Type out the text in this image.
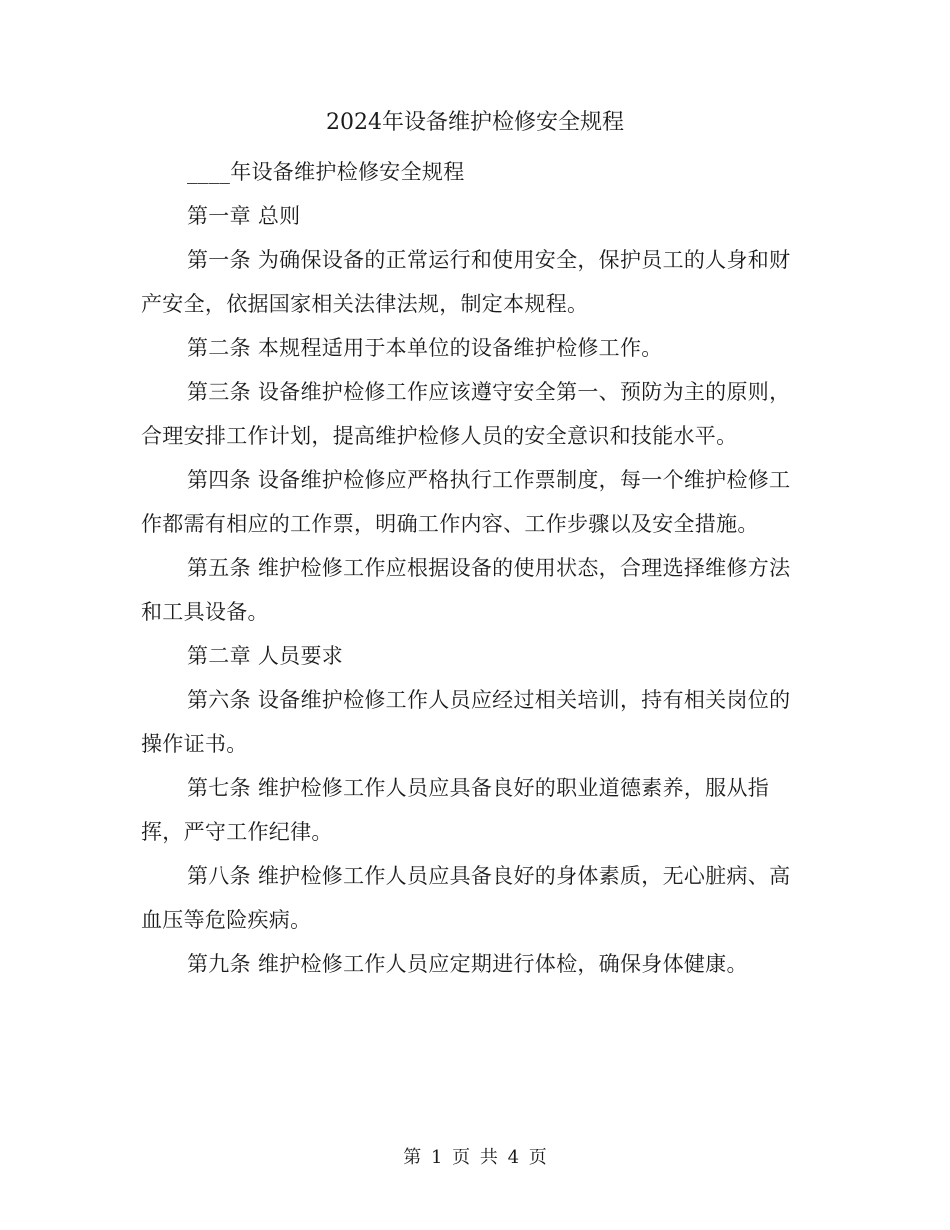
2024年设备维护检修安全规程

____年设备维护检修安全规程

第一章 总则

第一条 为确保设备的正常运行和使用安全，保护员工的人身和财产安全，依据国家相关法律法规，制定本规程。

第二条 本规程适用于本单位的设备维护检修工作。

第三条 设备维护检修工作应该遵守安全第一、预防为主的原则，合理安排工作计划，提高维护检修人员的安全意识和技能水平。

第四条 设备维护检修应严格执行工作票制度，每一个维护检修工作都需有相应的工作票，明确工作内容、工作步骤以及安全措施。

第五条 维护检修工作应根据设备的使用状态，合理选择维修方法和工具设备。

第二章 人员要求

第六条 设备维护检修工作人员应经过相关培训，持有相关岗位的操作证书。

第七条 维护检修工作人员应具备良好的职业道德素养，服从指挥，严守工作纪律。

第八条 维护检修工作人员应具备良好的身体素质，无心脏病、高血压等危险疾病。

第九条 维护检修工作人员应定期进行体检，确保身体健康。

第 1 页 共 4 页
